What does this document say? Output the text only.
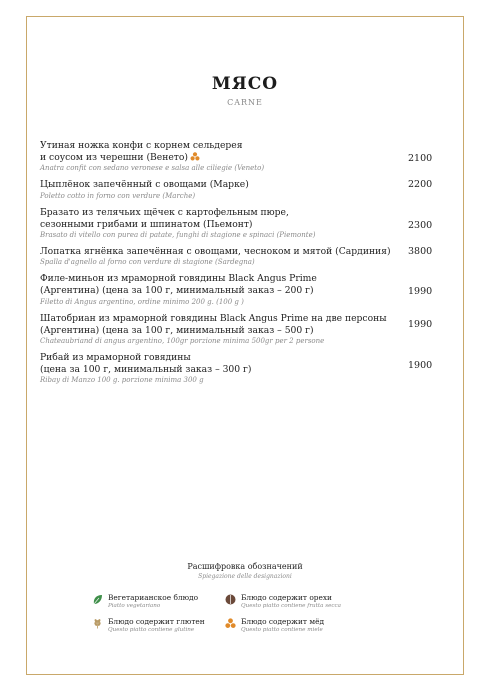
МЯСО
CARNE
Утиная ножка конфи с корнем сельдерея
и соусом из черешни (Венето)
Anatra confit con sedano veronese e salsa alle ciliegie (Veneto)
2100
Цыплёнок запечённый с овощами (Марке)
Poletto cotto in forno con verdure (Marche)
2200
Бразато из телячьих щёчек с картофельным пюре,
сезонными грибами и шпинатом (Пьемонт)
Brasato di vitello con purea di patate, funghi di stagione e spinaci (Piemonte)
2300
Лопатка ягнёнка запечённая с овощами, чесноком и мятой (Сардиния)
Spalla d'agnello al forno con verdure di stagione (Sardegna)
3800
Филе-миньон из мраморной говядины Black Angus Prime
(Аргентина) (цена за 100 г, минимальный заказ – 200 г)
Filetto di Angus argentino, ordine minimo 200 g. (100 g )
1990
Шатобриан из мраморной говядины Black Angus Prime на две персоны
(Аргентина) (цена за 100 г, минимальный заказ – 500 г)
Chateaubriand di angus argentino, 100gr porzione minima 500gr per 2 persone
1990
Рибай из мраморной говядины
(цена за 100 г, минимальный заказ – 300 г)
Ribay di Manzo 100 g. porzione minima 300 g
1900
Расшифровка обозначений
Spiegazione delle designazioni
Вегетарианское блюдо
Piatto vegetariano
Блюдо содержит орехи
Questo piatto contiene frutta secca
Блюдо содержит глютен
Questo piatto contiene glutine
Блюдо содержит мёд
Questo piatto contiene miele
